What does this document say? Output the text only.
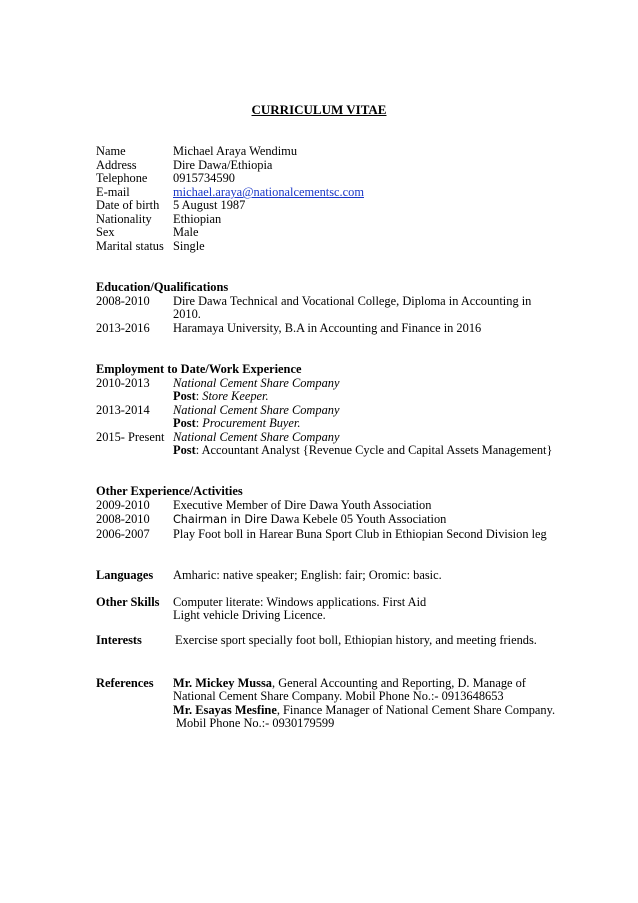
CURRICULUM VITAE
Name	Michael Araya Wendimu
Address	Dire Dawa/Ethiopia
Telephone 0915734590
E-mail	michael.araya@nationalcementsc.com
Date of birth 5 August 1987
Nationality Ethiopian
Sex	Male
Marital status Single
Education/Qualifications
2008-2010 Dire Dawa Technical and Vocational College, Diploma in Accounting in
2010.
2013-2016 Haramaya University, B.A in Accounting and Finance in 2016
Employment to Date/Work Experience
2010-2013 National Cement Share Company
Post: Store Keeper.
2013-2014 National Cement Share Company
Post: Procurement Buyer.
2015- Present National Cement Share Company
Post: Accountant Analyst {Revenue Cycle and Capital Assets Management}
Other Experience/Activities
2009-2010 Executive Member of Dire Dawa Youth Association
2008-2010 Chairman in Dire Dawa Kebele 05 Youth Association
2006-2007 Play Foot boll in Harear Buna Sport Club in Ethiopian Second Division leg
Languages Amharic: native speaker; English: fair; Oromic: basic.
Other Skills Computer literate: Windows applications. First Aid
Light vehicle Driving Licence.
Interests	Exercise sport specially foot boll, Ethiopian history, and meeting friends.
References Mr. Mickey Mussa, General Accounting and Reporting, D. Manage of
National Cement Share Company. Mobil Phone No.:- 0913648653
Mr. Esayas Mesfine, Finance Manager of National Cement Share Company.
Mobil Phone No.:- 0930179599
